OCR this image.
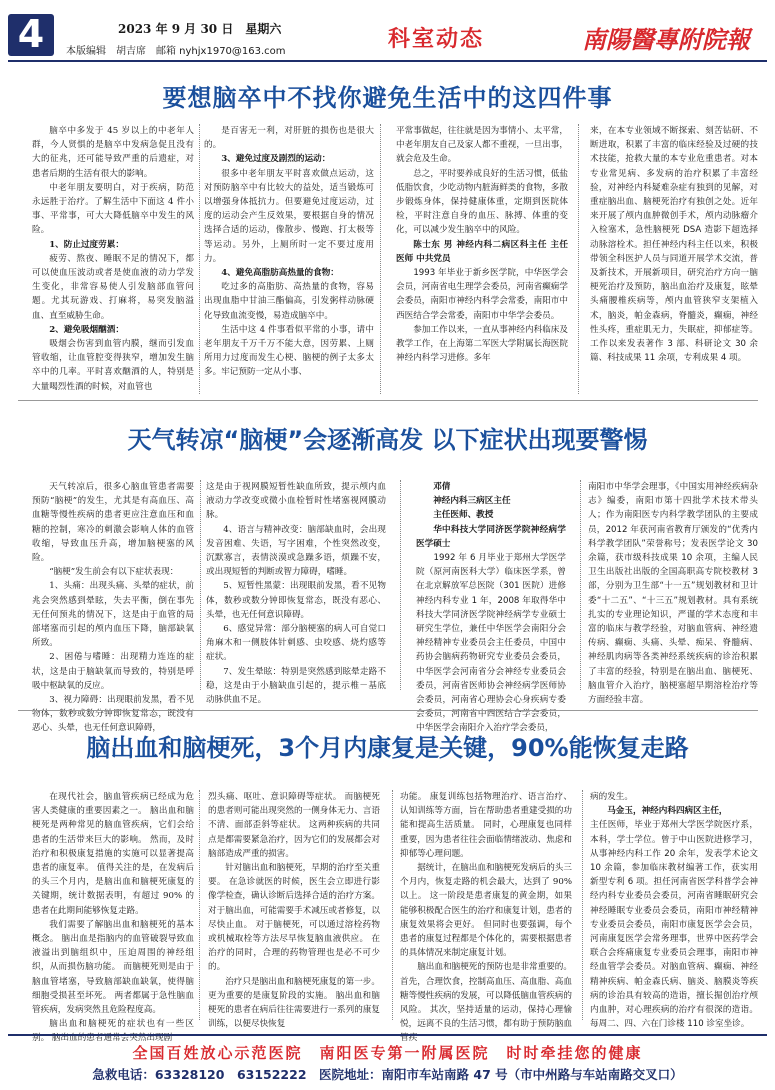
4	2023 年 9 月 30 日　星期六
本版编辑　胡吉席　邮箱 nyhjx1970@163.com	科室动态	南陽醫專附院報
要想脑卒中不找你避免生活中的这四件事

脑卒中多发于 45 岁以上的中老年人群，今人贤惧的是脑卒中发病急促且没有大的征兆，还可能导致严重的后遗症，对患者后期的生活有很大的影响。

中老年朋友要明白，对于疾病，防范永远胜于治疗。了解生活中下面这 4 件小事、平常事，可大大降低脑卒中发生的风险。

1、防止过度劳累：

疲劳、熬夜、睡眠不足的情况下，都可以使血压波动或者是使血液的动力学发生变化，非常容易使人引发脑部血管问题。尤其玩游戏、打麻将，易突发脑溢血、直至威胁生命。

2、避免吸烟酗酒：

吸烟会伤害到血管内膜，继而引发血管收缩，让血管腔变得狭窄，增加发生脑卒中的几率。平时喜欢酗酒的人，特别是大量喝烈性酒的时候，对血管也

是百害无一利，对肝脏的损伤也是很大的。

3、避免过度及剧烈的运动：

很多中老年朋友平时喜欢做点运动，这对预防脑卒中有比较大的益处，适当锻炼可以增强身体抵抗力。但要避免过度运动，过度的运动会产生反效果，要根据自身的情况选择合适的运动，像散步、慢跑、打太极等等运动。另外，上厕所时一定不要过度用力。

4、避免高脂肪高热量的食物：

吃过多的高脂肪、高热量的食物，容易出现血脂中甘油三酯偏高，引发粥样动脉硬化导致血流变慢，易造成脑卒中。

生活中这 4 件事看似平常的小事，请中老年朋友千万千万不能大意，因劳累、上厕所用力过度而发生心梗、脑梗的例子太多太多。牢记预防一定从小事、

平常事做起，往往就是因为事情小、太平常，中老年朋友自己及家人都不重视，一旦出事，就会危及生命。

总之，平时要养成良好的生活习惯，低盐低脂饮食，少吃动物内脏海鲜类的食物，多散步锻炼身体，保持健康体重，定期到医院体检，平时注意自身的血压、脉搏、体重的变化，可以减少发生脑卒中的风险。

陈士东 男 神经内科二病区科主任 主任医师 中共党员

　　1993 年毕业于新乡医学院，中华医学会会员，河南省电生理学会委员，河南省癫痫学会委员，南阳市神经内科学会常委，南阳市中西医结合学会常委，南阳市中华学会委员。

　　参加工作以来，一直从事神经内科临床及教学工作，在上海第二军医大学附属长海医院神经内科学习进修。多年

来，在本专业领域不断探索、刻苦钻研、不断进取，积累了丰富的临床经验及过硬的技术技能，抢救大量的本专业危重患者。对本专业常见病、多发病的治疗积累了丰富经验，对神经内科疑难杂症有独到的见解，对重症脑出血、脑梗死治疗有独创之处。近年来开展了颅内血肿微创手术，颅内动脉瘤介入检塞术，急性脑梗死 DSA 造影下超选择动脉溶栓术。担任神经内科主任以来，积极带领全科医护人员与同道开展学术交流，普及新技术，开展新项目，研究治疗方向一脑梗死治疗及预防，脑出血治疗及康复，眩晕头痛腰椎疾病等，颅内血管狭窄支架植入术，脑炎，帕金森病，脊髓炎，癫痫，神经性头疼，重症肌无力，失眠症，抑郁症等。工作以来发表著作 3 部、科研论文 30 余篇、科技成果 11 余项，专利成果 4 项。

天气转凉“脑梗”会逐渐高发 以下症状出现要警惕

天气转凉后，很多心脑血管患者需要预防“脑梗”的发生，尤其是有高血压、高血糖等慢性疾病的患者更应注意血压和血糖的控制，寒冷的刺激会影响人体的血管收缩，导致血压升高，增加脑梗塞的风险。

“脑梗”发生前会有以下症状表现：

1、头痛：出现头痛、头晕的症状，前兆会突然感到晕眩，失去平衡，倒在事先无任何预兆的情况下，这是由于血管的局部堵塞而引起的颅内血压下降，脑部缺氧所致。

2、困倦与嗜睡：出现精力连连的症状，这是由于脑缺氧而导致的，特别是呼吸中枢缺氧的反应。

3、视力障碍：出现眼前发黑，看不见物体，数秒或数分钟即恢复常态，既没有恶心、头晕，也无任何意识障碍，

这是由于视网膜短暂性缺血所致，提示颅内血液动力学改变或微小血栓暂时性堵塞视网膜动脉。

4、语言与精神改变：脑部缺血时，会出现发音困难、失语，写字困难，个性突然改变，沉默寡言，表情淡漠或急躁多语，烦躁不安，或出现短暂的判断或智力障碍，嗜睡。

5、短暂性黑蒙：出现眼前发黑，看不见物体，数秒或数分钟即恢复常态，既没有恶心、头晕，也无任何意识障碍。

6、感觉异常：部分脑梗塞的病人可自觉口角麻木和一侧肢体针刺感、虫咬感、烧灼感等症状。

7、发生晕眩：特别是突然感到眩晕走路不稳，这是由于小脑缺血引起的，提示椎－基底动脉供血不足。

邓倩

神经内科三病区主任

主任医师、教授

华中科技大学同济医学院神经病学医学硕士

　　1992 年 6 月毕业于郑州大学医学院（原河南医科大学）临床医学系，曾在北京解放军总医院（301 医院）进修神经内科专业 1 年，2008 年取得华中科技大学同济医学院神经病学专业硕士研究生学位，兼任中华医学会南阳分会神经精神专业委员会主任委员，中国中药协会脑病药物研究专业委员会委员，中华医学会河南省分会神经专业委员会委员，河南省医师协会神经病学医师协会委员，河南省心理协会心身疾病专委会委员，河南省中西医结合学会委员，中华医学会南阳介入治疗学会委员，

南阳市中华学会理事，《中国实用神经疾病杂志》编委，南阳市第十四批学术技术带头人；作为南阳医专内科学教学团队的主要成员，2012 年获河南省教育厅颁发的“优秀内科学教学团队”荣誉称号；发表医学论文 30 余篇，获市级科技成果 10 余项，主编人民卫生出版社出版的全国高职高专院校教材 3 部，分别为卫生部“十一五”规划教材和卫计委“十二五”、“十三五”规划教材。具有系统扎实的专业理论知识，严谨的学术态度和丰富的临床与教学经验，对脑血管病、神经遗传病、癫痫、头痛、头晕、痴呆、脊髓病、神经肌肉病等各类神经系统疾病的诊治积累了丰富的经验，特别是在脑出血、脑梗死、脑血管介入治疗，脑梗塞超早期溶栓治疗等方面经验丰富。

脑出血和脑梗死，3个月内康复是关键，90%能恢复走路

在现代社会，脑血管疾病已经成为危害人类健康的重要因素之一。 脑出血和脑梗死是两种常见的脑血管疾病，它们会给患者的生活带来巨大的影响。 然而，及时治疗和积极康复措施的实施可以显著提高患者的康复率。 值得关注的是，在发病后的头三个月内，是脑出血和脑梗死康复的关键期，统计数据表明，有超过 90% 的患者在此期间能够恢复走路。

我们需要了解脑出血和脑梗死的基本概念。 脑出血是指脑内的血管破裂导致血液溢出到脑组织中，压迫周围的神经组织，从而损伤脑功能。 而脑梗死则是由于脑血管堵塞，导致脑部缺血缺氧，使得脑细胞受损甚至坏死。 两者都属于急性脑血管疾病，发病突然且危险程度高。

脑出血和脑梗死的症状也有一些区别。 脑出血的患者通常会突然出现剧

烈头痛、呕吐、意识障碍等症状。 而脑梗死的患者则可能出现突然的一侧身体无力、言语不清、面部歪斜等症状。 这两种疾病的共同点是都需要紧急治疗，因为它们的发展都会对脑部造成严重的损害。

针对脑出血和脑梗死，早期的治疗至关重要。 在急诊就医的时候，医生会立即进行影像学检查，确认诊断后选择合适的治疗方案。 对于脑出血，可能需要手术减压或者修复，以尽快止血。 对于脑梗死，可以通过溶栓药物或机械取栓等方法尽早恢复脑血液供应。 在治疗的同时，合理的药物管理也是必不可少的。

治疗只是脑出血和脑梗死康复的第一步。 更为重要的是康复阶段的实施。 脑出血和脑梗死的患者在病后往往需要进行一系列的康复训练，以便尽快恢复

功能。 康复训练包括物理治疗、语言治疗、认知训练等方面，旨在帮助患者重建受损的功能和提高生活质量。 同时，心理康复也同样重要，因为患者往往会面临情绪波动、焦虑和抑郁等心理问题。

据统计，在脑出血和脑梗死发病后的头三个月内，恢复走路的机会最大，达到了 90% 以上。 这一阶段是患者康复的黄金期，如果能够积极配合医生的治疗和康复计划，患者的康复效果将会更好。 但同时也要强调，每个患者的康复过程都是个体化的，需要根据患者的具体情况来制定康复计划。

脑出血和脑梗死的预防也是非常重要的。 首先，合理饮食，控制高血压、高血脂、高血糖等慢性疾病的发展，可以降低脑血管疾病的风险。 其次，坚持适量的运动，保持心理愉悦，远离不良的生活习惯，都有助于预防脑血管疾

病的发生。

马金玉，神经内科四病区主任，

主任医师，毕业于郑州大学医学院医疗系，本科，学士学位。曾于中山医院进修学习，从事神经内科工作 20 余年，发表学术论文 10 余篇，参加临床教材编著工作，获实用新型专利 6 项。担任河南省医学科普学会神经内科专业委员会委员，河南省睡眠研究会神经睡眠专业委员会委员，南阳市神经精神专业委员会委员，南阳市康复医学会会员，河南康复医学会常务理事，世界中医药学会联合会疼痛康复专业委员会理事，南阳市神经血管学会委员。对脑血管病、癫痫、神经精神疾病、帕金森氏病、脑炎、脑膜炎等疾病的诊治具有较高的造诣，擅长掘创治疗颅内血肿，对心理疾病的治疗有很深的造诣。每周二、四、六在门诊楼 110 诊室坐诊。

全国百姓放心示范医院　南阳医专第一附属医院　时时牵挂您的健康
急救电话：63328120　63152222　医院地址：南阳市车站南路 47 号（市中州路与车站南路交叉口）
